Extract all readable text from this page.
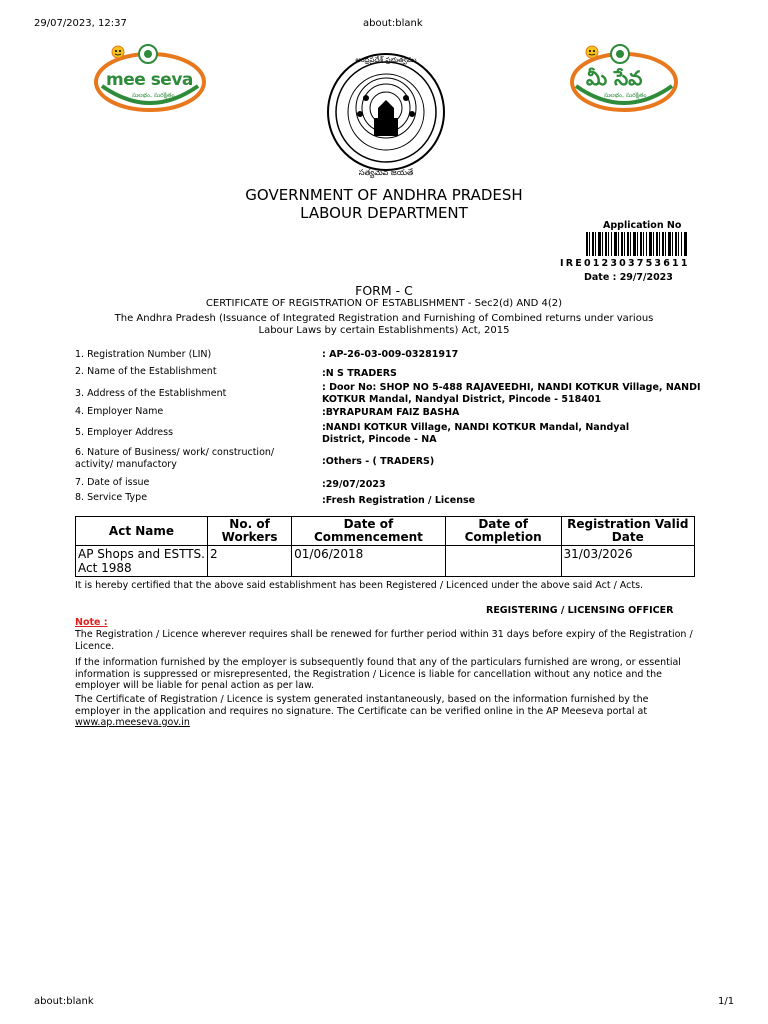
29/07/2023, 12:37	about:blank
mee seva
సులభం, సురక్షితం
ఆంధ్రప్రదేశ్ ప్రభుత్వము
సత్యమేవ జయతే
మీ సేవ
సులభం, సురక్షితం
GOVERNMENT OF ANDHRA PRADESH
LABOUR DEPARTMENT
Application No
IRE012303753611
Date : 29/7/2023
FORM - C
CERTIFICATE OF REGISTRATION OF ESTABLISHMENT - Sec2(d) AND 4(2)
The Andhra Pradesh (Issuance of Integrated Registration and Furnishing of Combined returns under various
Labour Laws by certain Establishments) Act, 2015
1. Registration Number (LIN)	: AP-26-03-009-03281917
2. Name of the Establishment	:N S TRADERS
3. Address of the Establishment
: Door No: SHOP NO 5-488 RAJAVEEDHI, NANDI KOTKUR Village, NANDI KOTKUR Mandal, Nandyal District, Pincode - 518401
4. Employer Name	:BYRAPURAM FAIZ BASHA
5. Employer Address	:NANDI KOTKUR Village, NANDI KOTKUR Mandal, Nandyal District, Pincode - NA
6. Nature of Business/ work/ construction/ activity/ manufactory	:Others - ( TRADERS)
7. Date of issue	:29/07/2023
8. Service Type	:Fresh Registration / License
Act Name	No. of Workers	Date of Commencement	Date of Completion	Registration Valid Date
AP Shops and ESTTS. Act 1988	2	01/06/2018		31/03/2026
It is hereby certified that the above said establishment has been Registered / Licenced under the above said Act / Acts.
REGISTERING / LICENSING OFFICER
Note :
The Registration / Licence wherever requires shall be renewed for further period within 31 days before expiry of the Registration / Licence.
If the information furnished by the employer is subsequently found that any of the particulars furnished are wrong, or essential information is suppressed or misrepresented, the Registration / Licence is liable for cancellation without any notice and the employer will be liable for penal action as per law.
The Certificate of Registration / Licence is system generated instantaneously, based on the information furnished by the employer in the application and requires no signature. The Certificate can be verified online in the AP Meeseva portal at
www.ap.meeseva.gov.in
about:blank	1/1
